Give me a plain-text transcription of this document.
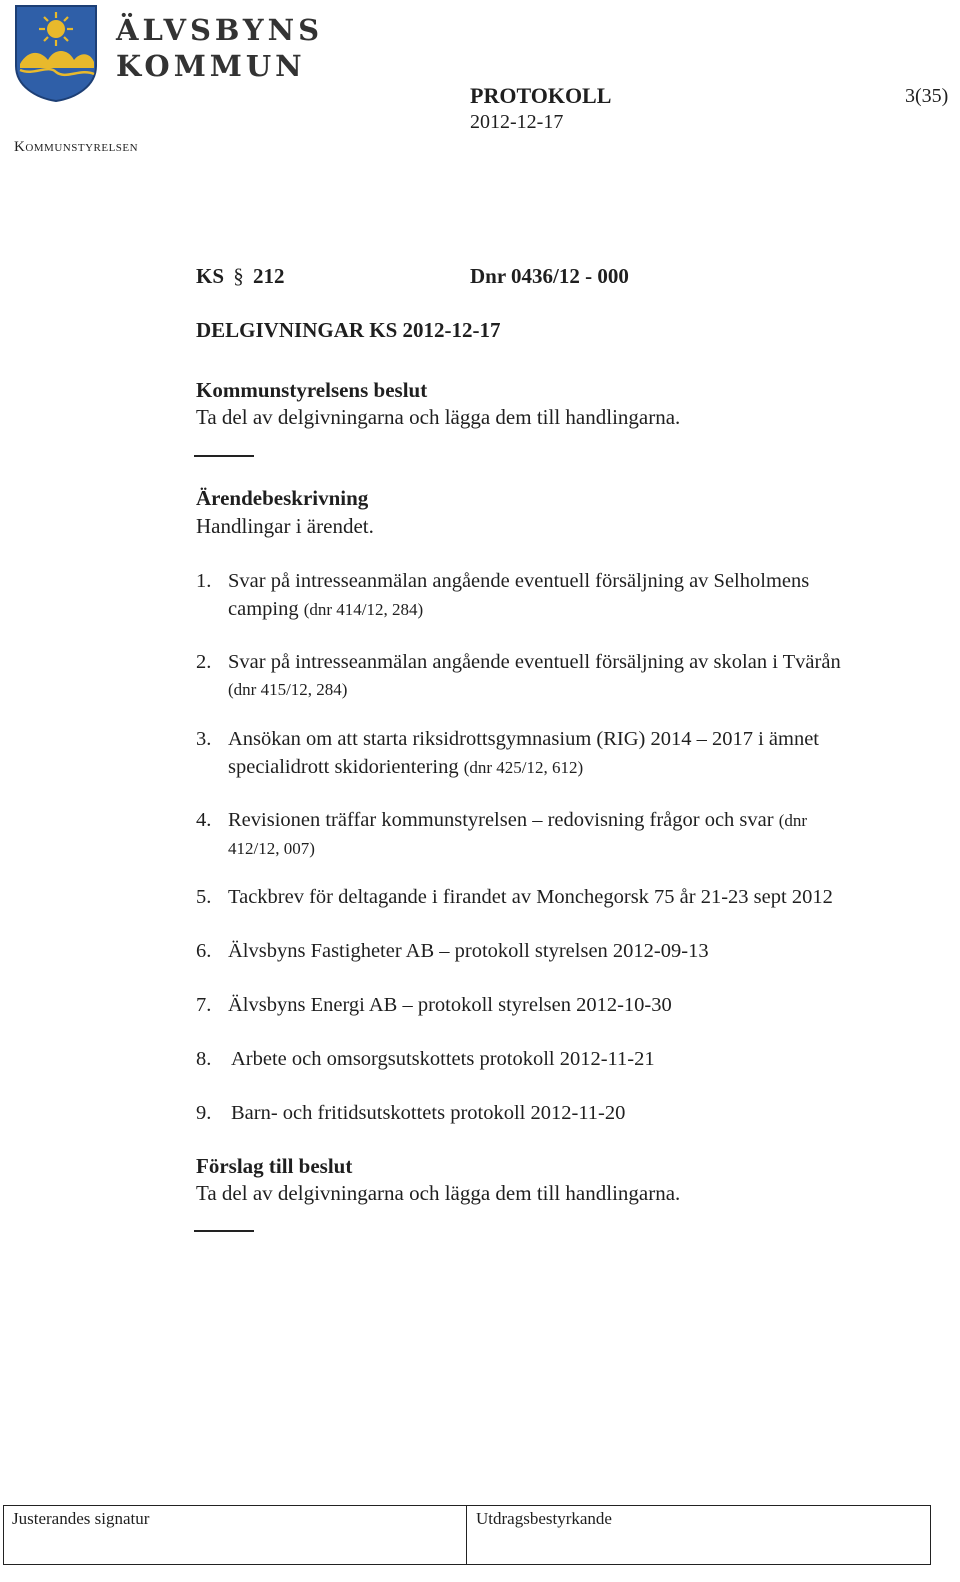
ÄLVSBYNS
KOMMUN
Kommunstyrelsen
PROTOKOLL
2012-12-17
3(35)
KS § 212	Dnr 0436/12 - 000
DELGIVNINGAR KS 2012-12-17
Kommunstyrelsens beslut
Ta del av delgivningarna och lägga dem till handlingarna.
Ärendebeskrivning
Handlingar i ärendet.
1. Svar på intresseanmälan angående eventuell försäljning av Selholmens
camping (dnr 414/12, 284)
2. Svar på intresseanmälan angående eventuell försäljning av skolan i Tvärån
(dnr 415/12, 284)
3. Ansökan om att starta riksidrottsgymnasium (RIG) 2014 – 2017 i ämnet
specialidrott skidorientering (dnr 425/12, 612)
4. Revisionen träffar kommunstyrelsen – redovisning frågor och svar (dnr
412/12, 007)
5. Tackbrev för deltagande i firandet av Monchegorsk 75 år 21-23 sept 2012
6. Älvsbyns Fastigheter AB – protokoll styrelsen 2012-09-13
7. Älvsbyns Energi AB – protokoll styrelsen 2012-10-30
8. Arbete och omsorgsutskottets protokoll 2012-11-21
9. Barn- och fritidsutskottets protokoll 2012-11-20
Förslag till beslut
Ta del av delgivningarna och lägga dem till handlingarna.
Justerandes signatur	Utdragsbestyrkande
